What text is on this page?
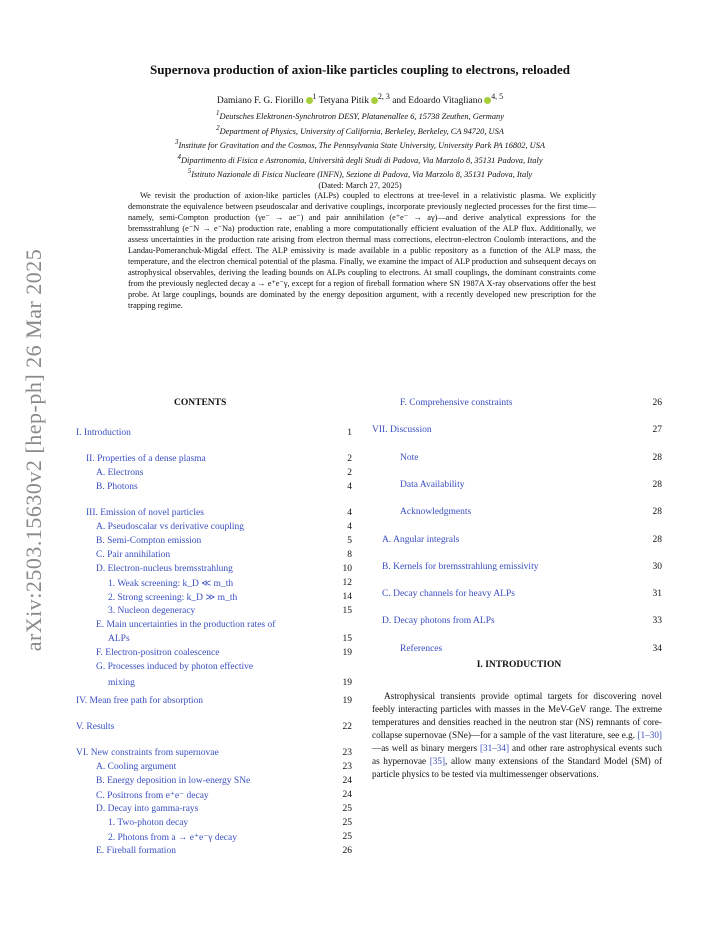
arXiv:2503.15630v2 [hep-ph] 26 Mar 2025
Supernova production of axion-like particles coupling to electrons, reloaded
Damiano F. G. Fiorillo $^1$ Tetyana Pitik $^{2, 3}$ and Edoardo Vitagliano $^{4, 5}$
$^1$Deutsches Elektronen-Synchrotron DESY, Platanenallee 6, 15738 Zeuthen, Germany
$^2$Department of Physics, University of California, Berkeley, Berkeley, CA 94720, USA
$^3$Institute for Gravitation and the Cosmos, The Pennsylvania State University, University Park PA 16802, USA
$^4$Dipartimento di Fisica e Astronomia, Università degli Studi di Padova, Via Marzolo 8, 35131 Padova, Italy
$^5$Istituto Nazionale di Fisica Nucleare (INFN), Sezione di Padova, Via Marzolo 8, 35131 Padova, Italy
(Dated: March 27, 2025)
We revisit the production of axion-like particles (ALPs) coupled to electrons at tree-level in a relativistic plasma. We explicitly demonstrate the equivalence between pseudoscalar and derivative couplings, incorporate previously neglected processes for the first time—namely, semi-Compton production (γe⁻ → ae⁻) and pair annihilation (e⁺e⁻ → aγ)—and derive analytical expressions for the bremsstrahlung (e⁻N → e⁻Na) production rate, enabling a more computationally efficient evaluation of the ALP flux. Additionally, we assess uncertainties in the production rate arising from electron thermal mass corrections, electron-electron Coulomb interactions, and the Landau-Pomeranchuk-Migdal effect. The ALP emissivity is made available in a public repository as a function of the ALP mass, the temperature, and the electron chemical potential of the plasma. Finally, we examine the impact of ALP production and subsequent decays on astrophysical observables, deriving the leading bounds on ALPs coupling to electrons. At small couplings, the dominant constraints come from the previously neglected decay a → e⁺e⁻γ, except for a region of fireball formation where SN 1987A X-ray observations offer the best probe. At large couplings, bounds are dominated by the energy deposition argument, with a recently developed new prescription for the trapping regime.
CONTENTS
I. Introduction	1
II. Properties of a dense plasma	2
A. Electrons	2
B. Photons	4
III. Emission of novel particles	4
A. Pseudoscalar vs derivative coupling	4
B. Semi-Compton emission	5
C. Pair annihilation	8
D. Electron-nucleus bremsstrahlung	10
1. Weak screening: k_D ≪ m_th	12
2. Strong screening: k_D ≫ m_th	14
3. Nucleon degeneracy	15
E. Main uncertainties in the production rates of
ALPs	15
F. Electron-positron coalescence	19
G. Processes induced by photon effective
mixing	19
IV. Mean free path for absorption	19
V. Results	22
VI. New constraints from supernovae	23
A. Cooling argument	23
B. Energy deposition in low-energy SNe	24
C. Positrons from e⁺e⁻ decay	24
D. Decay into gamma-rays	25
1. Two-photon decay	25
2. Photons from a → e⁺e⁻γ decay	25
E. Fireball formation	26
F. Comprehensive constraints	26
VII. Discussion	27
Note	28
Data Availability	28
Acknowledgments	28
A. Angular integrals	28
B. Kernels for bremsstrahlung emissivity	30
C. Decay channels for heavy ALPs	31
D. Decay photons from ALPs	33
References	34
I. INTRODUCTION
Astrophysical transients provide optimal targets for discovering novel feebly interacting particles with masses in the MeV-GeV range. The extreme temperatures and densities reached in the neutron star (NS) remnants of core-collapse supernovae (SNe)—for a sample of the vast literature, see e.g. [1–30]—as well as binary mergers [31–34] and other rare astrophysical events such as hypernovae [35], allow many extensions of the Standard Model (SM) of particle physics to be tested via multimessenger observations.
